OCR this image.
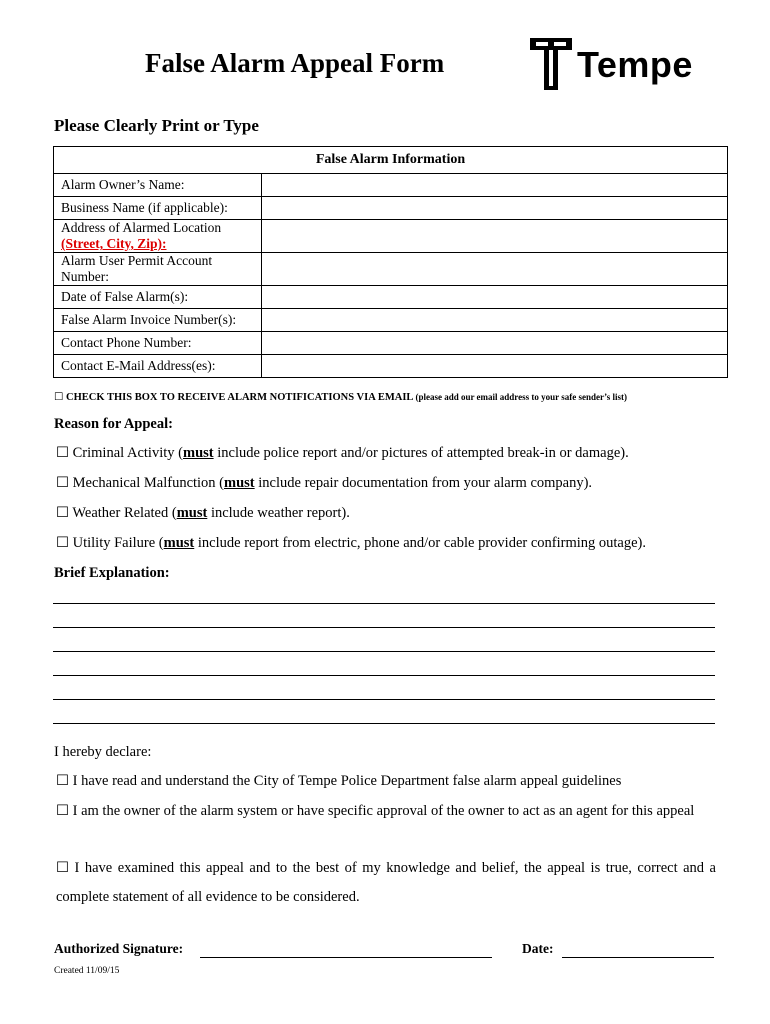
False Alarm Appeal Form	Tempe
Please Clearly Print or Type
False Alarm Information	
Alarm Owner’s Name:	
Business Name (if applicable):	
Address of Alarmed Location
(Street, City, Zip):	
Alarm User Permit Account Number:	
Date of False Alarm(s):	
False Alarm Invoice Number(s):	
Contact Phone Number:	
Contact E-Mail Address(es):	
☐ CHECK THIS BOX TO RECEIVE ALARM NOTIFICATIONS VIA EMAIL (please add our email address to your safe sender’s list)
Reason for Appeal:
☐ Criminal Activity (must include police report and/or pictures of attempted break-in or damage).
☐ Mechanical Malfunction (must include repair documentation from your alarm company).
☐ Weather Related (must include weather report).
☐ Utility Failure (must include report from electric, phone and/or cable provider confirming outage).
Brief Explanation:
I hereby declare:
☐ I have read and understand the City of Tempe Police Department false alarm appeal guidelines
☐ I am the owner of the alarm system or have specific approval of the owner to act as an agent for this appeal
☐ I have examined this appeal and to the best of my knowledge and belief, the appeal is true, correct and a complete statement of all evidence to be considered.
Authorized Signature:	Date:
Created 11/09/15
